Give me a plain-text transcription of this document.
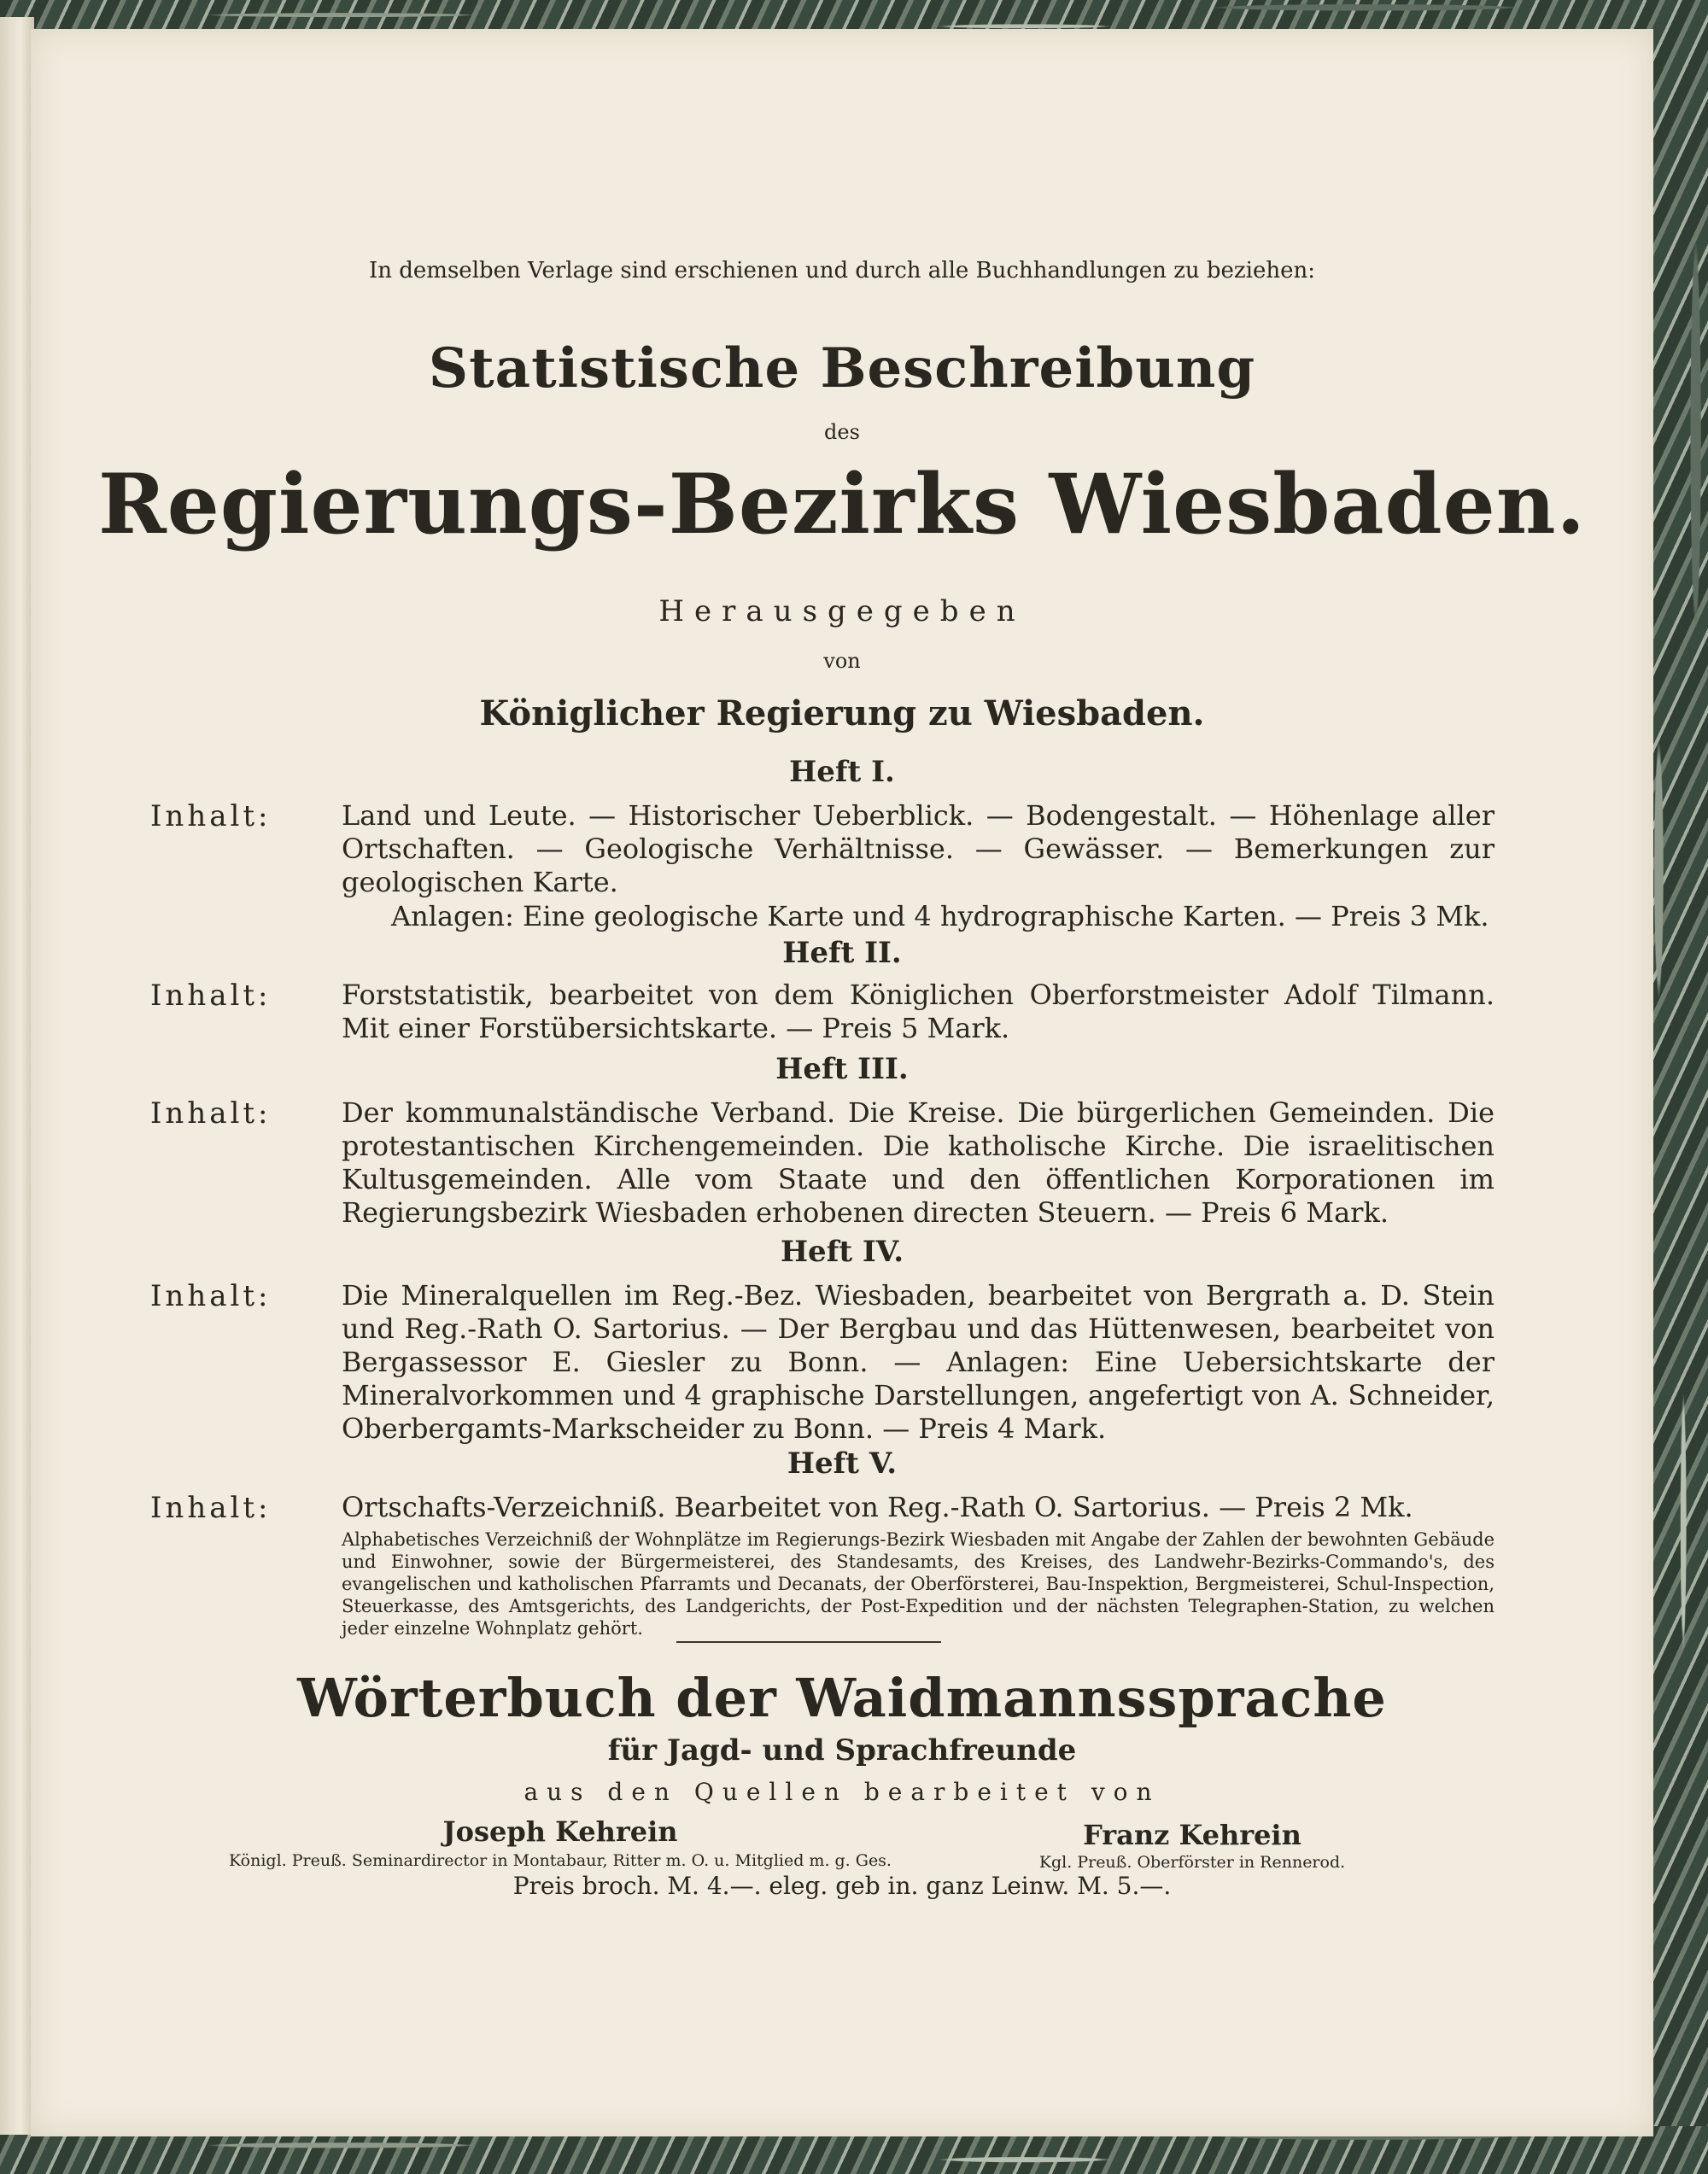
In demselben Verlage sind erschienen und durch alle Buchhandlungen zu beziehen:
Statistische Beschreibung
des
Regierungs-Bezirks Wiesbaden.
Herausgegeben
von
Königlicher Regierung zu Wiesbaden.
Heft I.
Inhalt:	Land und Leute. — Historischer Ueberblick. — Bodengestalt. — Höhenlage aller Ortschaften. — Geologische Verhältnisse. — Gewässer. — Bemerkungen zur geologischen Karte.
Anlagen: Eine geologische Karte und 4 hydrographische Karten. — Preis 3 Mk.
Heft II.
Inhalt:	Forststatistik, bearbeitet von dem Königlichen Oberforstmeister Adolf Tilmann. Mit einer Forstübersichtskarte. — Preis 5 Mark.
Heft III.
Inhalt:	Der kommunalständische Verband. Die Kreise. Die bürgerlichen Gemeinden. Die protestantischen Kirchengemeinden. Die katholische Kirche. Die israelitischen Kultusgemeinden. Alle vom Staate und den öffentlichen Korporationen im Regierungsbezirk Wiesbaden erhobenen directen Steuern. — Preis 6 Mark.
Heft IV.
Inhalt:	Die Mineralquellen im Reg.-Bez. Wiesbaden, bearbeitet von Bergrath a. D. Stein und Reg.-Rath O. Sartorius. — Der Bergbau und das Hüttenwesen, bearbeitet von Bergassessor E. Giesler zu Bonn. — Anlagen: Eine Uebersichtskarte der Mineralvorkommen und 4 graphische Darstellungen, angefertigt von A. Schneider, Oberbergamts-Markscheider zu Bonn. — Preis 4 Mark.
Heft V.
Inhalt:	Ortschafts-Verzeichniß. Bearbeitet von Reg.-Rath O. Sartorius. — Preis 2 Mk.
Alphabetisches Verzeichniß der Wohnplätze im Regierungs-Bezirk Wiesbaden mit Angabe der Zahlen der bewohnten Gebäude und Einwohner, sowie der Bürgermeisterei, des Standesamts, des Kreises, des Landwehr-Bezirks-Commando's, des evangelischen und katholischen Pfarramts und Decanats, der Oberförsterei, Bau-Inspektion, Bergmeisterei, Schul-Inspection, Steuerkasse, des Amtsgerichts, des Landgerichts, der Post-Expedition und der nächsten Telegraphen-Station, zu welchen jeder einzelne Wohnplatz gehört.
Wörterbuch der Waidmannssprache
für Jagd- und Sprachfreunde
aus den Quellen bearbeitet von
Joseph Kehrein
Königl. Preuß. Seminardirector in Montabaur, Ritter m. O. u. Mitglied m. g. Ges.
Franz Kehrein
Kgl. Preuß. Oberförster in Rennerod.
Preis broch. M. 4.—. eleg. geb in. ganz Leinw. M. 5.—.
